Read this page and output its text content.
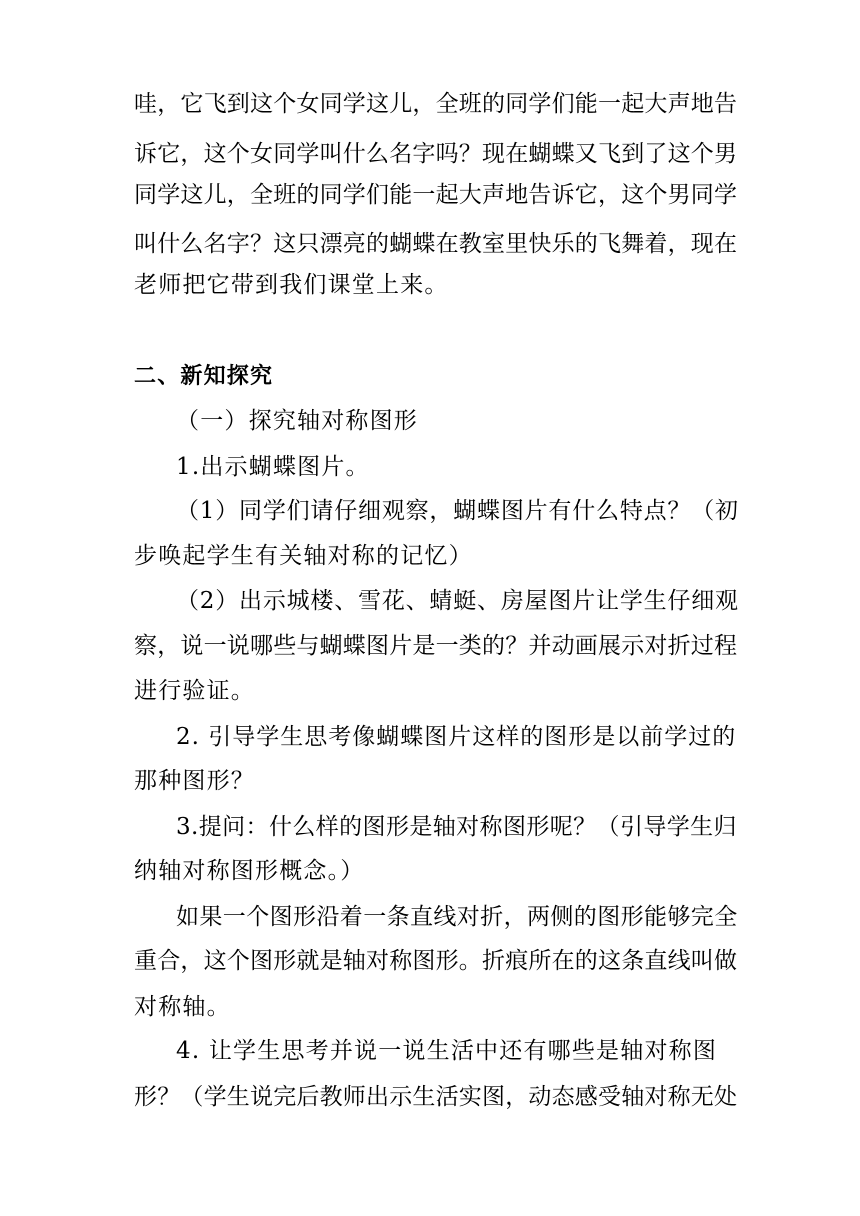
哇，它飞到这个女同学这儿，全班的同学们能一起大声地告
诉它，这个女同学叫什么名字吗？现在蝴蝶又飞到了这个男
同学这儿，全班的同学们能一起大声地告诉它，这个男同学
叫什么名字？这只漂亮的蝴蝶在教室里快乐的飞舞着，现在
老师把它带到我们课堂上来。
二、新知探究
（一）探究轴对称图形
1.出示蝴蝶图片。
（1）同学们请仔细观察，蝴蝶图片有什么特点？（初
步唤起学生有关轴对称的记忆）
（2）出示城楼、雪花、蜻蜓、房屋图片让学生仔细观
察，说一说哪些与蝴蝶图片是一类的？并动画展示对折过程
进行验证。
2. 引导学生思考像蝴蝶图片这样的图形是以前学过的
那种图形？
3.提问：什么样的图形是轴对称图形呢？（引导学生归
纳轴对称图形概念。）
如果一个图形沿着一条直线对折，两侧的图形能够完全
重合，这个图形就是轴对称图形。折痕所在的这条直线叫做
对称轴。
4. 让学生思考并说一说生活中还有哪些是轴对称图
形？（学生说完后教师出示生活实图，动态感受轴对称无处
